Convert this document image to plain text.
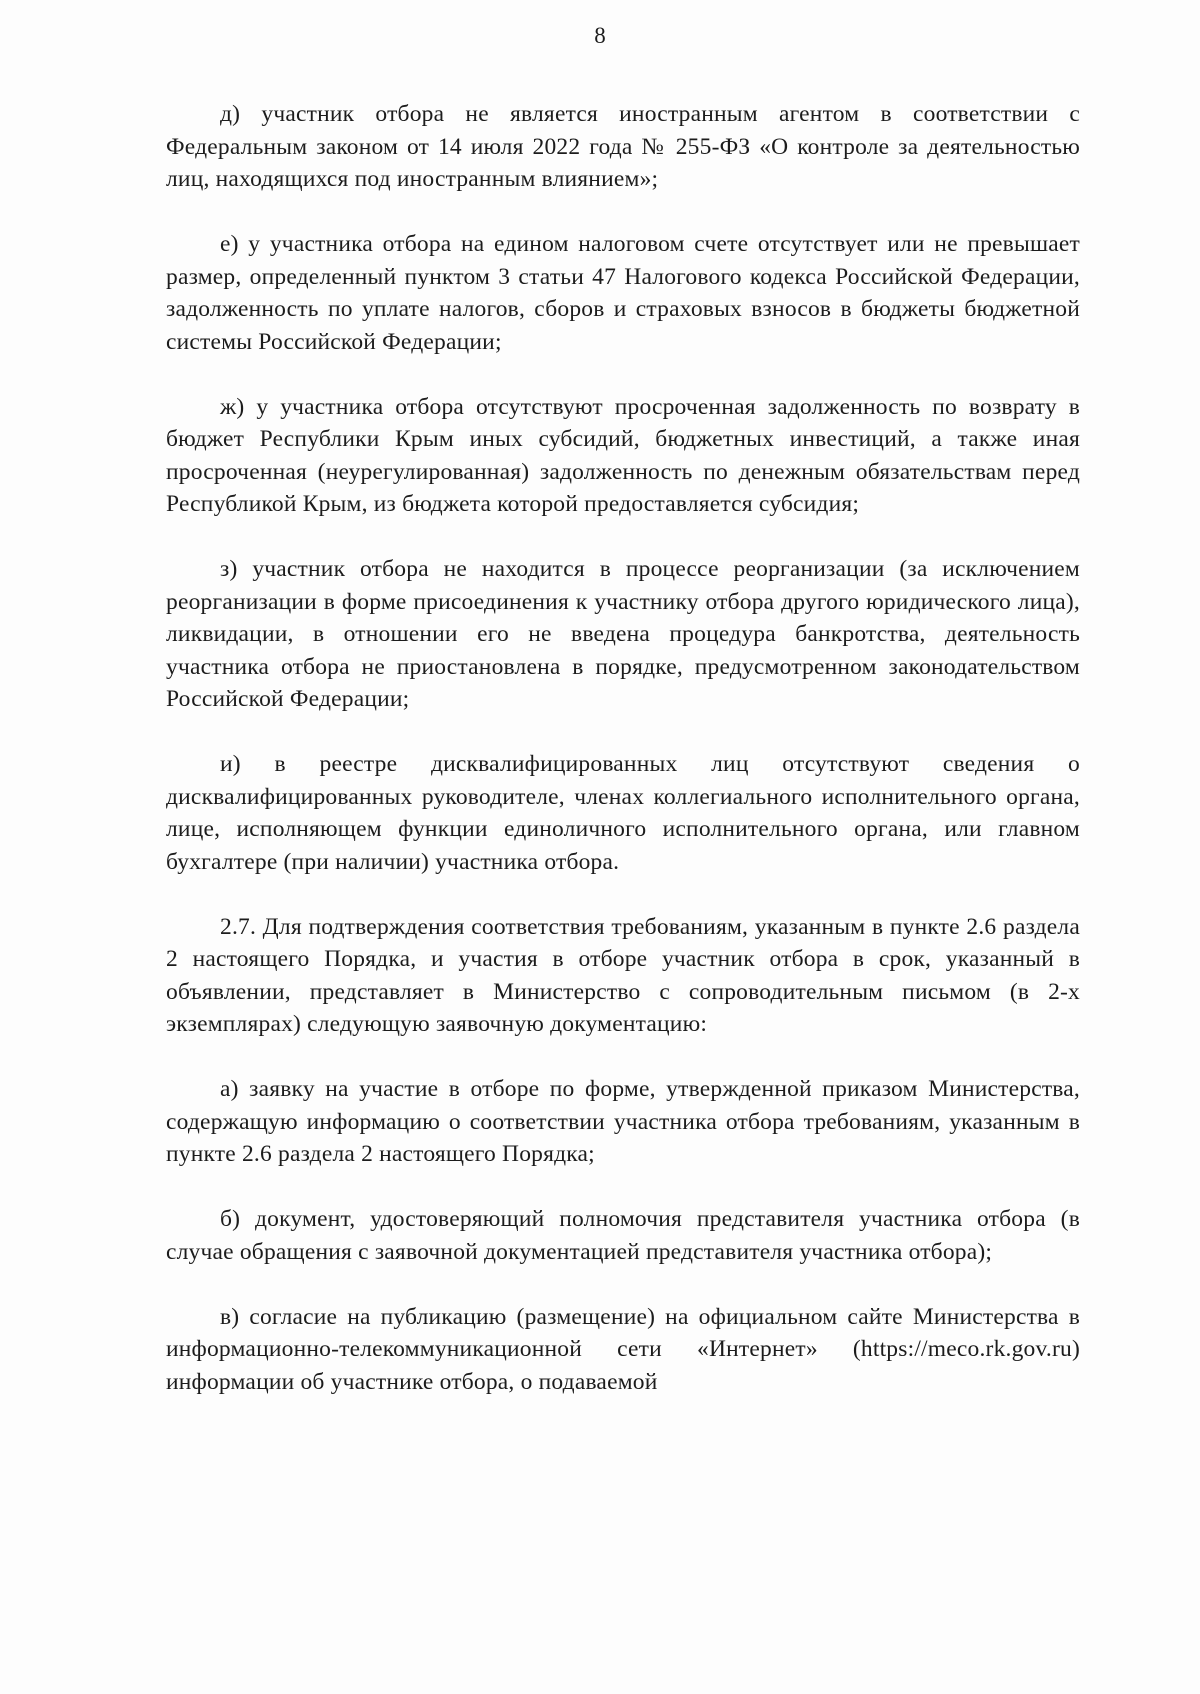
8

д) участник отбора не является иностранным агентом в соответствии с Федеральным законом от 14 июля 2022 года № 255-ФЗ «О контроле за деятельностью лиц, находящихся под иностранным влиянием»;

е) у участника отбора на едином налоговом счете отсутствует или не превышает размер, определенный пунктом 3 статьи 47 Налогового кодекса Российской Федерации, задолженность по уплате налогов, сборов и страховых взносов в бюджеты бюджетной системы Российской Федерации;

ж) у участника отбора отсутствуют просроченная задолженность по возврату в бюджет Республики Крым иных субсидий, бюджетных инвестиций, а также иная просроченная (неурегулированная) задолженность по денежным обязательствам перед Республикой Крым, из бюджета которой предоставляется субсидия;

з) участник отбора не находится в процессе реорганизации (за исключением реорганизации в форме присоединения к участнику отбора другого юридического лица), ликвидации, в отношении его не введена процедура банкротства, деятельность участника отбора не приостановлена в порядке, предусмотренном законодательством Российской Федерации;

и) в реестре дисквалифицированных лиц отсутствуют сведения о дисквалифицированных руководителе, членах коллегиального исполнительного органа, лице, исполняющем функции единоличного исполнительного органа, или главном бухгалтере (при наличии) участника отбора.

2.7. Для подтверждения соответствия требованиям, указанным в пункте 2.6 раздела 2 настоящего Порядка, и участия в отборе участник отбора в срок, указанный в объявлении, представляет в Министерство с сопроводительным письмом (в 2-х экземплярах) следующую заявочную документацию:

а) заявку на участие в отборе по форме, утвержденной приказом Министерства, содержащую информацию о соответствии участника отбора требованиям, указанным в пункте 2.6 раздела 2 настоящего Порядка;

б) документ, удостоверяющий полномочия представителя участника отбора (в случае обращения с заявочной документацией представителя участника отбора);

в) согласие на публикацию (размещение) на официальном сайте Министерства в информационно-телекоммуникационной сети «Интернет» (https://meco.rk.gov.ru) информации об участнике отбора, о подаваемой
